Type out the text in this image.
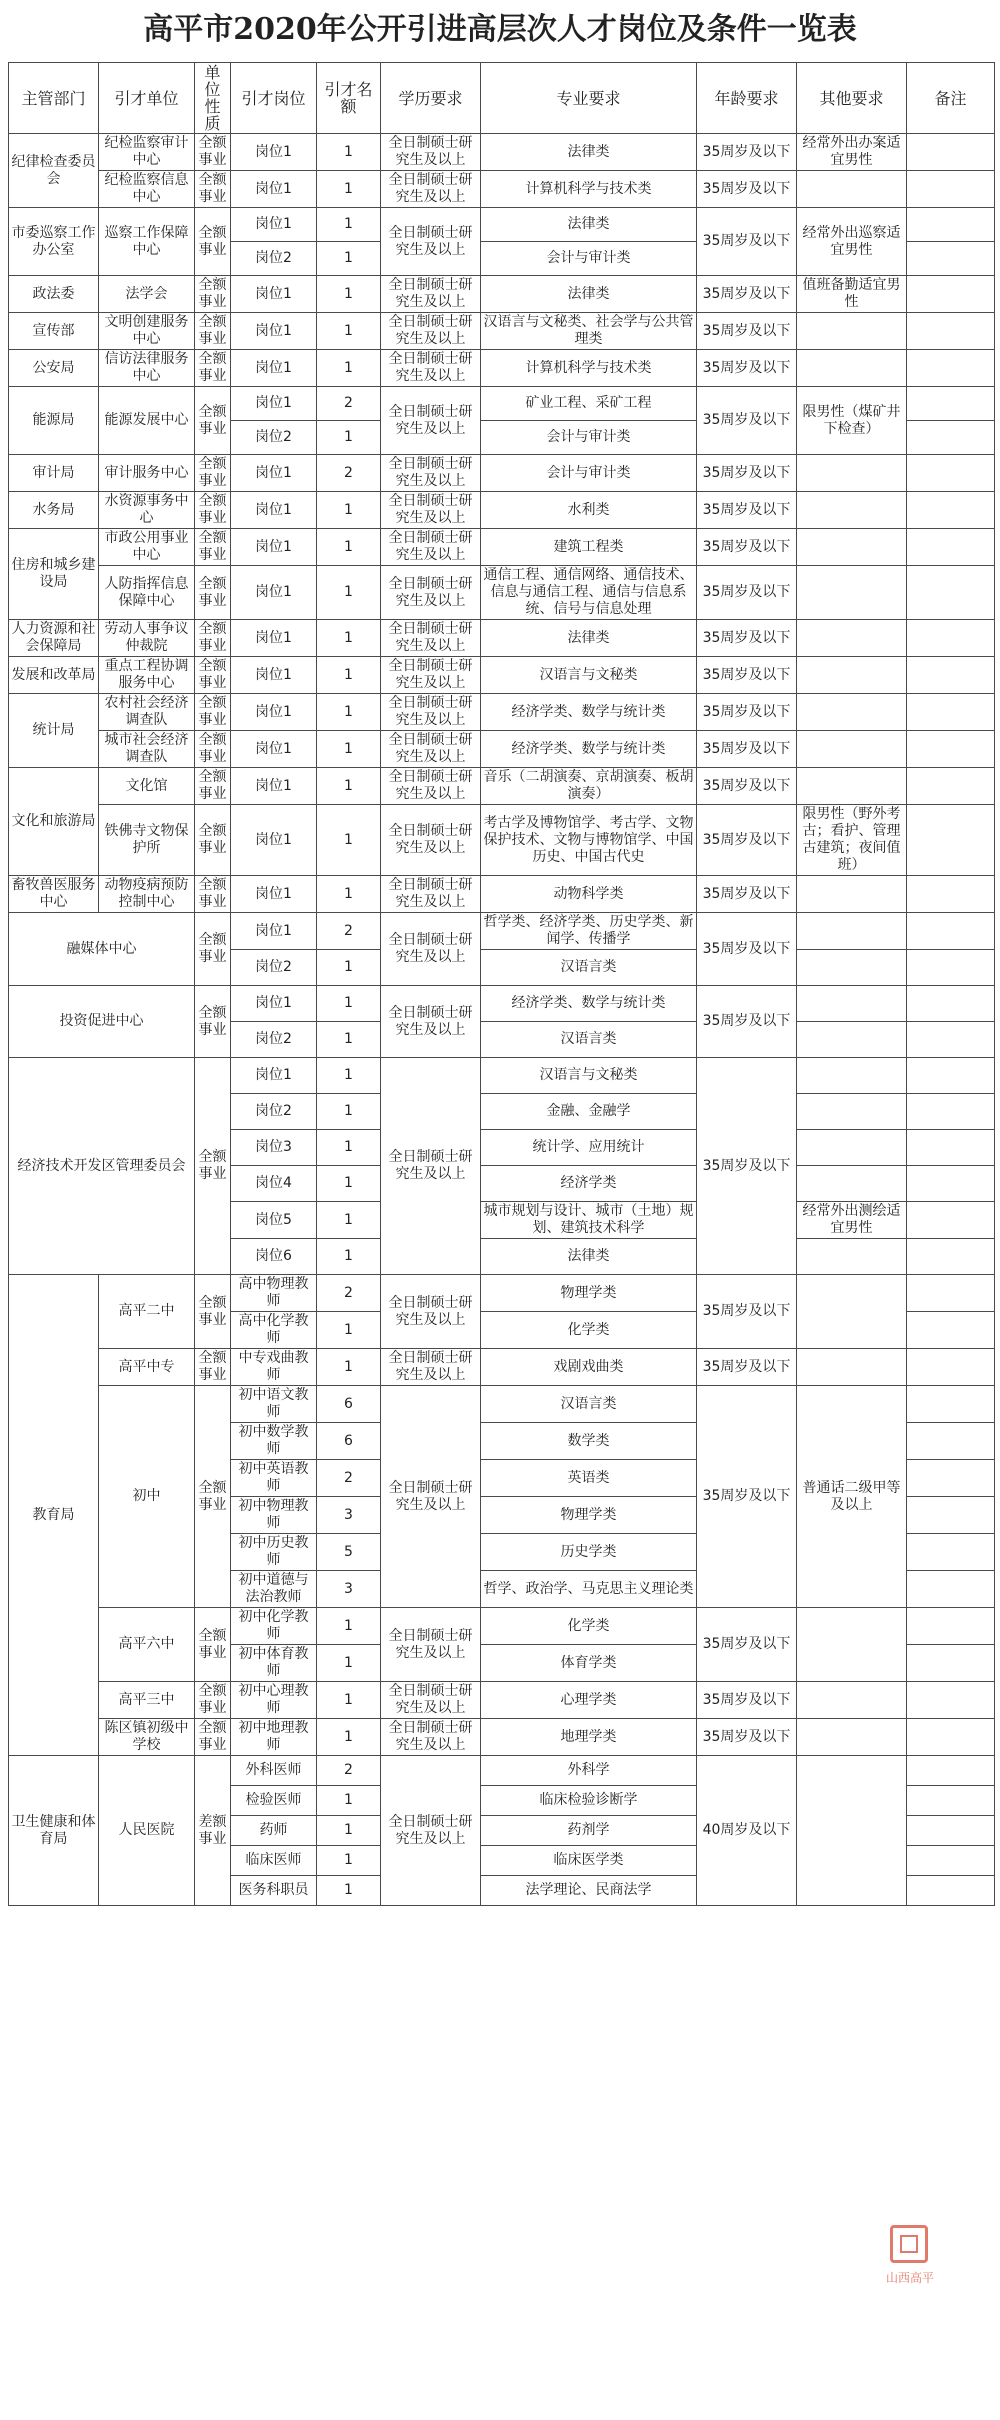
高平市2020年公开引进高层次人才岗位及条件一览表
主管部门	引才单位	单位性质	引才岗位	引才名额	学历要求	专业要求	年龄要求	其他要求	备注
纪律检查委员会	纪检监察审计中心	全额事业	岗位1	1	全日制硕士研究生及以上	法律类	35周岁及以下	经常外出办案适宜男性	
	纪检监察信息中心	全额事业	岗位1	1	全日制硕士研究生及以上	计算机科学与技术类	35周岁及以下		
市委巡察工作办公室	巡察工作保障中心	全额事业	岗位1	1	全日制硕士研究生及以上	法律类	35周岁及以下	经常外出巡察适宜男性	
			岗位2	1		会计与审计类			
政法委	法学会	全额事业	岗位1	1	全日制硕士研究生及以上	法律类	35周岁及以下	值班备勤适宜男性	
宣传部	文明创建服务中心	全额事业	岗位1	1	全日制硕士研究生及以上	汉语言与文秘类、社会学与公共管理类	35周岁及以下		
公安局	信访法律服务中心	全额事业	岗位1	1	全日制硕士研究生及以上	计算机科学与技术类	35周岁及以下		
能源局	能源发展中心	全额事业	岗位1	2	全日制硕士研究生及以上	矿业工程、采矿工程	35周岁及以下	限男性（煤矿井下检查）	
			岗位2	1		会计与审计类			
审计局	审计服务中心	全额事业	岗位1	2	全日制硕士研究生及以上	会计与审计类	35周岁及以下		
水务局	水资源事务中心	全额事业	岗位1	1	全日制硕士研究生及以上	水利类	35周岁及以下		
住房和城乡建设局	市政公用事业中心	全额事业	岗位1	1	全日制硕士研究生及以上	建筑工程类	35周岁及以下		
	人防指挥信息保障中心	全额事业	岗位1	1	全日制硕士研究生及以上	通信工程、通信网络、通信技术、信息与通信工程、通信与信息系统、信号与信息处理	35周岁及以下		
人力资源和社会保障局	劳动人事争议仲裁院	全额事业	岗位1	1	全日制硕士研究生及以上	法律类	35周岁及以下		
发展和改革局	重点工程协调服务中心	全额事业	岗位1	1	全日制硕士研究生及以上	汉语言与文秘类	35周岁及以下		
统计局	农村社会经济调查队	全额事业	岗位1	1	全日制硕士研究生及以上	经济学类、数学与统计类	35周岁及以下		
	城市社会经济调查队	全额事业	岗位1	1	全日制硕士研究生及以上	经济学类、数学与统计类	35周岁及以下		
文化和旅游局	文化馆	全额事业	岗位1	1	全日制硕士研究生及以上	音乐（二胡演奏、京胡演奏、板胡演奏）	35周岁及以下		
	铁佛寺文物保护所	全额事业	岗位1	1	全日制硕士研究生及以上	考古学及博物馆学、考古学、文物保护技术、文物与博物馆学、中国历史、中国古代史	35周岁及以下	限男性（野外考古；看护、管理古建筑；夜间值班）	
畜牧兽医服务中心	动物疫病预防控制中心	全额事业	岗位1	1	全日制硕士研究生及以上	动物科学类	35周岁及以下		
融媒体中心		全额事业	岗位1	2	全日制硕士研究生及以上	哲学类、经济学类、历史学类、新闻学、传播学	35周岁及以下		
			岗位2	1		汉语言类			
投资促进中心		全额事业	岗位1	1	全日制硕士研究生及以上	经济学类、数学与统计类	35周岁及以下		
			岗位2	1		汉语言类			
经济技术开发区管理委员会		全额事业	岗位1	1	全日制硕士研究生及以上	汉语言与文秘类	35周岁及以下		
			岗位2	1		金融、金融学			
			岗位3	1		统计学、应用统计			
			岗位4	1		经济学类			
			岗位5	1		城市规划与设计、城市（土地）规划、建筑技术科学		经常外出测绘适宜男性	
			岗位6	1		法律类			
教育局	高平二中	全额事业	高中物理教师	2	全日制硕士研究生及以上	物理学类	35周岁及以下		
			高中化学教师	1		化学类			
	高平中专	全额事业	中专戏曲教师	1	全日制硕士研究生及以上	戏剧戏曲类	35周岁及以下		
	初中	全额事业	初中语文教师	6	全日制硕士研究生及以上	汉语言类	35周岁及以下	普通话二级甲等及以上	
			初中数学教师	6		数学类			
			初中英语教师	2		英语类			
			初中物理教师	3		物理学类			
			初中历史教师	5		历史学类			
			初中道德与法治教师	3		哲学、政治学、马克思主义理论类			
	高平六中	全额事业	初中化学教师	1	全日制硕士研究生及以上	化学类	35周岁及以下		
			初中体育教师	1		体育学类			
	高平三中	全额事业	初中心理教师	1	全日制硕士研究生及以上	心理学类	35周岁及以下		
	陈区镇初级中学校	全额事业	初中地理教师	1	全日制硕士研究生及以上	地理学类	35周岁及以下		
卫生健康和体育局	人民医院	差额事业	外科医师	2	全日制硕士研究生及以上	外科学	40周岁及以下		
			检验医师	1		临床检验诊断学			
			药师	1		药剂学			
			临床医师	1		临床医学类			
			医务科职员	1		法学理论、民商法学			
山西高平
